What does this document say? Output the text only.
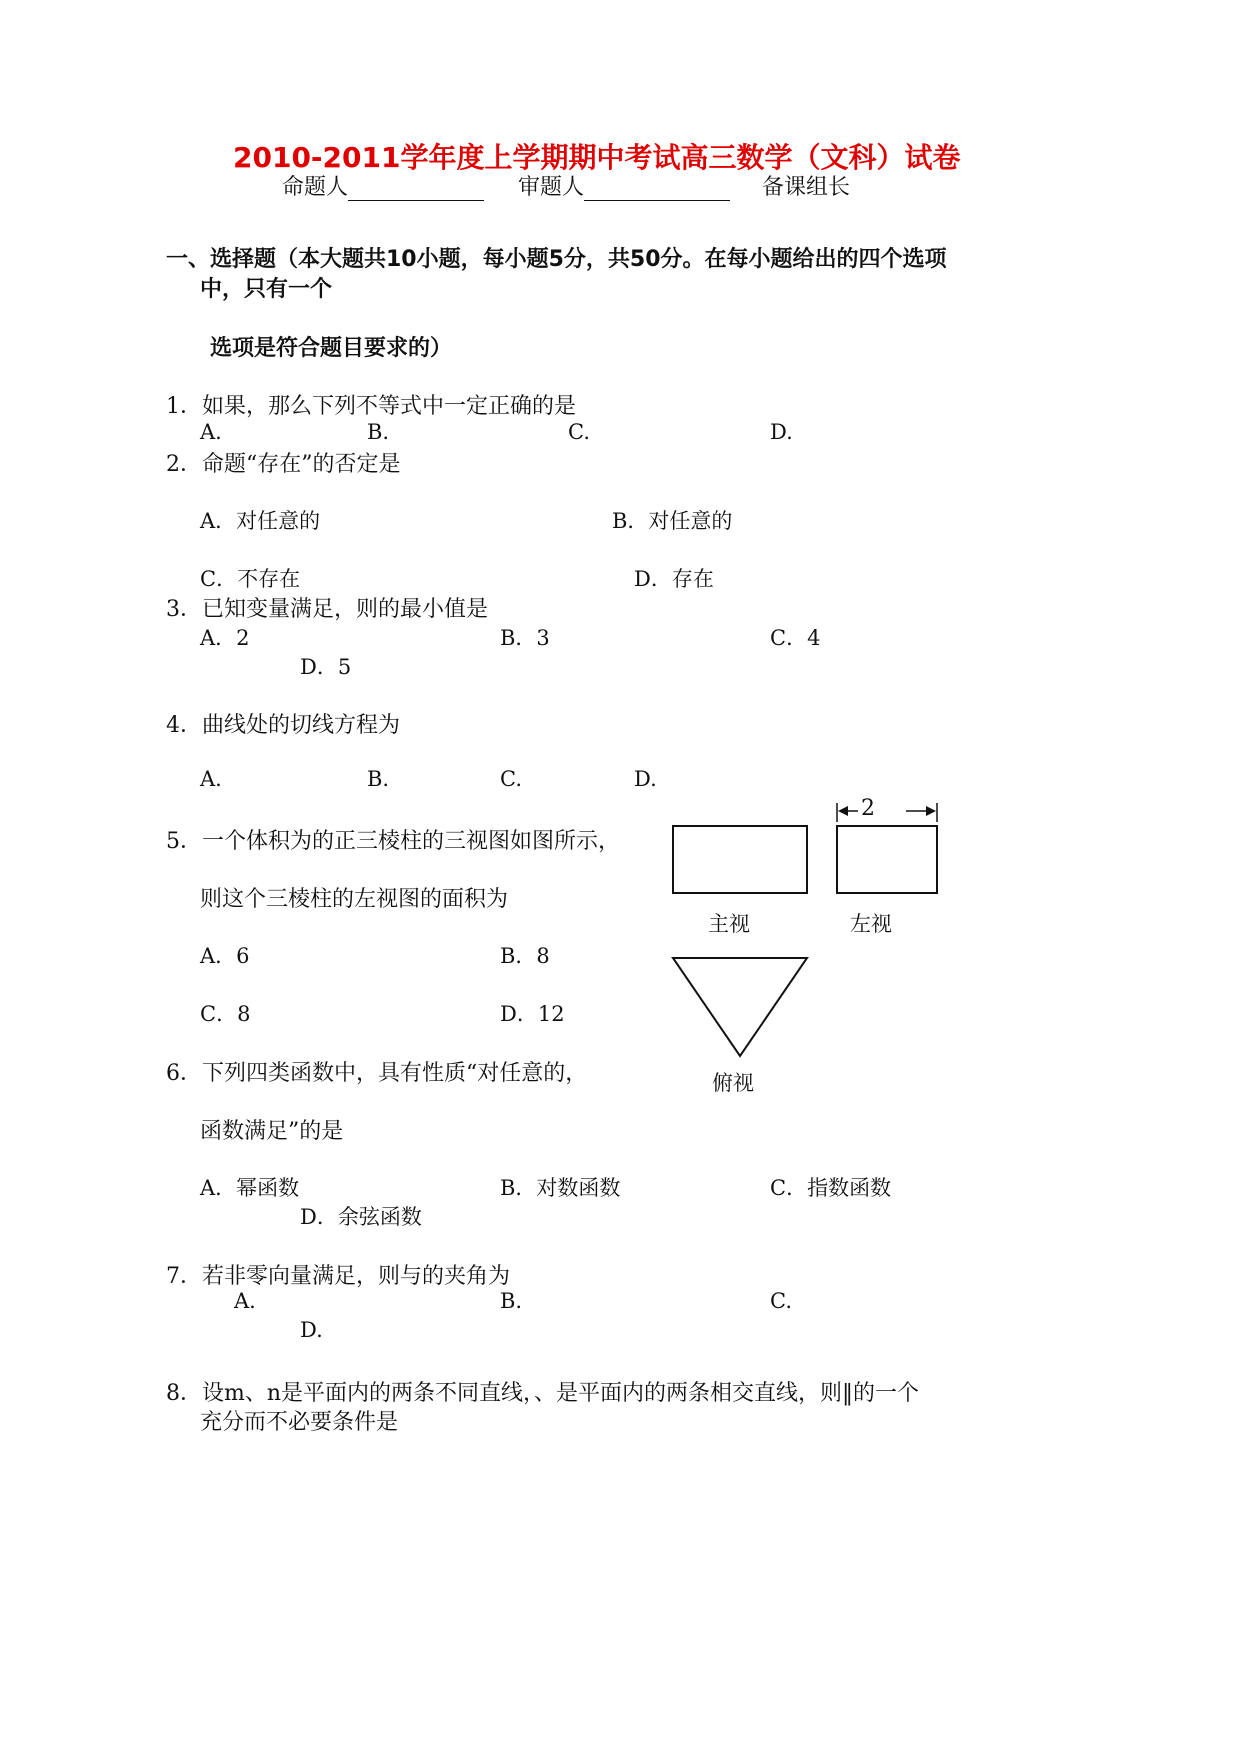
2010-2011学年度上学期期中考试高三数学（文科）试卷
命题人	审题人	备课组长
一、选择题（本大题共10小题，每小题5分，共50分。在每小题给出的四个选项
中，只有一个
选项是符合题目要求的）
1．如果，那么下列不等式中一定正确的是
A.	B.	C.	D.
2．命题“存在”的否定是
A．对任意的	B．对任意的
C．不存在	D．存在
3．已知变量满足，则的最小值是
A．2	B．3	C．4
D．5
4．曲线处的切线方程为
A.	B.	C.	D.
5．一个体积为的正三棱柱的三视图如图所示，
则这个三棱柱的左视图的面积为
A．6	B．8
C．8	D．12
2
主视	左视
俯视
6．下列四类函数中，具有性质“对任意的，
函数满足”的是
A．幂函数	B．对数函数	C．指数函数
D．余弦函数
7．若非零向量满足，则与的夹角为
A.	B.	C.
D.
8．设m、n是平面内的两条不同直线，、是平面内的两条相交直线，则‖的一个
充分而不必要条件是
